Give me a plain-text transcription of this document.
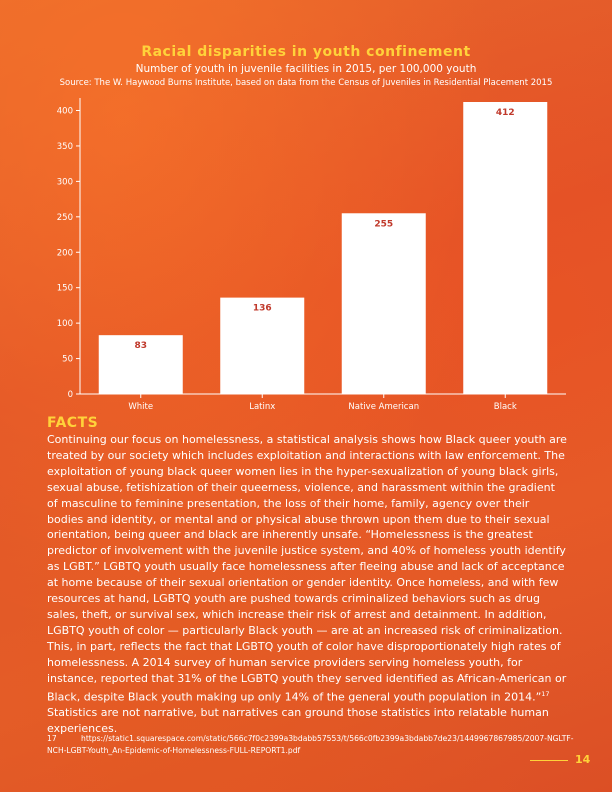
Racial disparities in youth confinement
Number of youth in juvenile facilities in 2015, per 100,000 youth
Source: The W. Haywood Burns Institute, based on data from the Census of Juveniles in Residential Placement 2015
0
50
100
150
200
250
300
350
400
83
White
136
Latinx
255
Native American
412
Black
FACTS
Continuing our focus on homelessness, a statistical analysis shows how Black queer youth are treated by our society which includes exploitation and interactions with law enforcement. The exploitation of young black queer women lies in the hyper-sexualization of young black girls, sexual abuse, fetishization of their queerness, violence, and harassment within the gradient of masculine to feminine presentation, the loss of their home, family, agency over their bodies and identity, or mental and or physical abuse thrown upon them due to their sexual orientation, being queer and black are inherently unsafe. “Homelessness is the greatest predictor of involvement with the juvenile justice system, and 40% of homeless youth identify as LGBT.” LGBTQ youth usually face homelessness after fleeing abuse and lack of acceptance at home because of their sexual orientation or gender identity. Once homeless, and with few resources at hand, LGBTQ youth are pushed towards criminalized behaviors such as drug sales, theft, or survival sex, which increase their risk of arrest and detainment. In addition, LGBTQ youth of color — particularly Black youth — are at an increased risk of criminalization. This, in part, reflects the fact that LGBTQ youth of color have disproportionately high rates of homelessness. A 2014 survey of human service providers serving homeless youth, for instance, reported that 31% of the LGBTQ youth they served identified as African-American or Black, despite Black youth making up only 14% of the general youth population in 2014.”$^{17}$ Statistics are not narrative, but narratives can ground those statistics into relatable human experiences.
17	https://static1.squarespace.com/static/566c7f0c2399a3bdabb57553/t/566c0fb2399a3bdabb7de23/1449967867985/2007-NGLTF-NCH-LGBT-Youth_An-Epidemic-of-Homelessness-FULL-REPORT1.pdf
14
